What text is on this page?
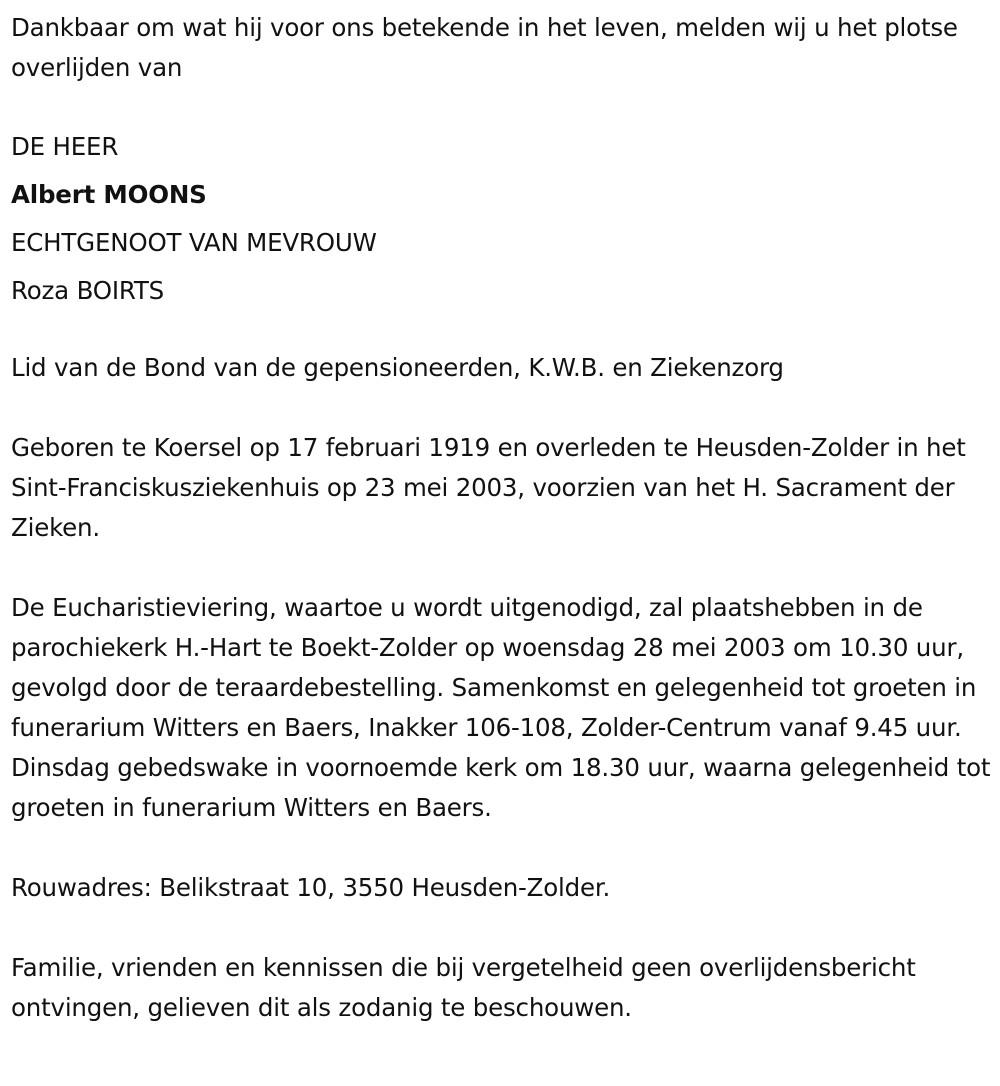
Dankbaar om wat hij voor ons betekende in het leven, melden wij u het plotse overlijden van

DE HEER

Albert MOONS

ECHTGENOOT VAN MEVROUW

Roza BOIRTS

Lid van de Bond van de gepensioneerden, K.W.B. en Ziekenzorg

Geboren te Koersel op 17 februari 1919 en overleden te Heusden-Zolder in het Sint-Franciskusziekenhuis op 23 mei 2003, voorzien van het H. Sacrament der Zieken.

De Eucharistieviering, waartoe u wordt uitgenodigd, zal plaatshebben in de parochiekerk H.-Hart te Boekt-Zolder op woensdag 28 mei 2003 om 10.30 uur, gevolgd door de teraardebestelling. Samenkomst en gelegenheid tot groeten in funerarium Witters en Baers, Inakker 106-108, Zolder-Centrum vanaf 9.45 uur. Dinsdag gebedswake in voornoemde kerk om 18.30 uur, waarna gelegenheid tot groeten in funerarium Witters en Baers.

Rouwadres: Belikstraat 10, 3550 Heusden-Zolder.

Familie, vrienden en kennissen die bij vergetelheid geen overlijdensbericht ontvingen, gelieven dit als zodanig te beschouwen.
